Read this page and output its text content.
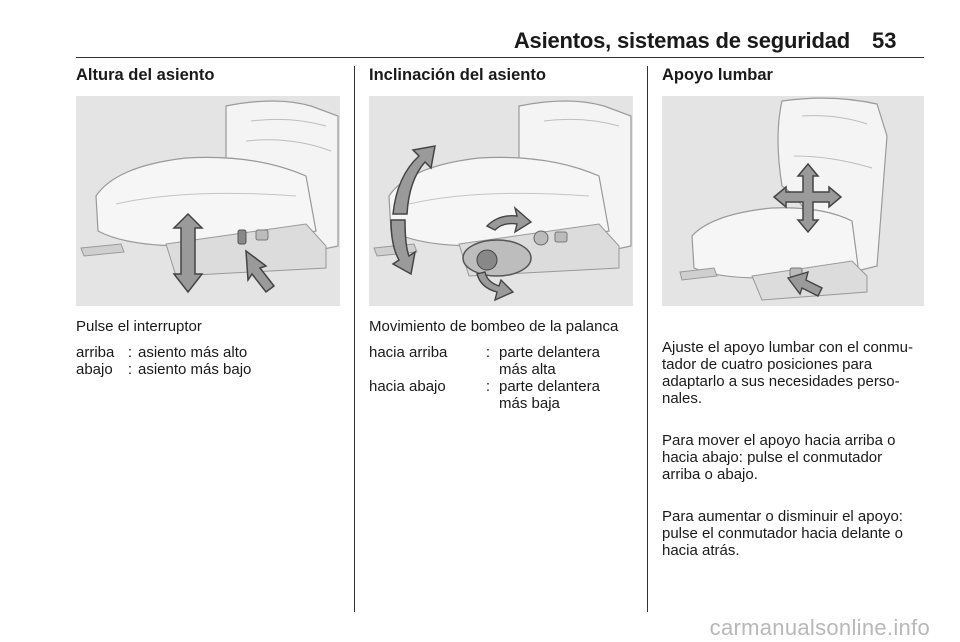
Asientos, sistemas de seguridad 53
Altura del asiento

Pulse el interruptor

arriba : asiento más alto
abajo	: asiento más bajo
Inclinación del asiento

Movimiento de bombeo de la palanca

hacia arriba	: parte delantera
más alta
hacia abajo	: parte delantera
más baja
Apoyo lumbar

Ajuste el apoyo lumbar con el conmu-
tador de cuatro posiciones para
adaptarlo a sus necesidades perso-
nales.

Para mover el apoyo hacia arriba o
hacia abajo: pulse el conmutador
arriba o abajo.

Para aumentar o disminuir el apoyo:
pulse el conmutador hacia delante o
hacia atrás.

carmanualsonline.info
